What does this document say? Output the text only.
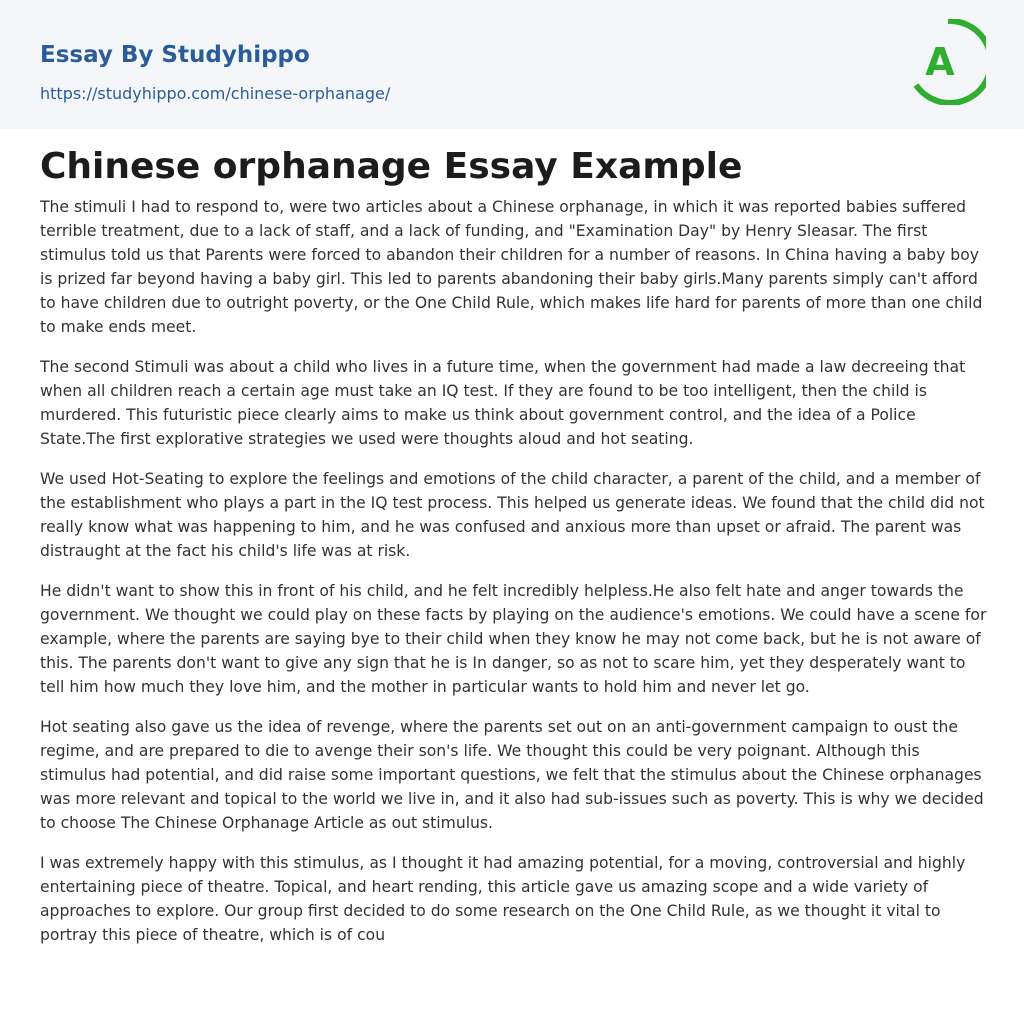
Essay By Studyhippo
https://studyhippo.com/chinese-orphanage/
A
Chinese orphanage Essay Example

The stimuli I had to respond to, were two articles about a Chinese orphanage, in which it was reported babies suffered terrible treatment, due to a lack of staff, and a lack of funding, and "Examination Day" by Henry Sleasar. The first stimulus told us that Parents were forced to abandon their children for a number of reasons. In China having a baby boy is prized far beyond having a baby girl. This led to parents abandoning their baby girls.Many parents simply can't afford to have children due to outright poverty, or the One Child Rule, which makes life hard for parents of more than one child to make ends meet.

The second Stimuli was about a child who lives in a future time, when the government had made a law decreeing that when all children reach a certain age must take an IQ test. If they are found to be too intelligent, then the child is murdered. This futuristic piece clearly aims to make us think about government control, and the idea of a Police State.The first explorative strategies we used were thoughts aloud and hot seating.

We used Hot-Seating to explore the feelings and emotions of the child character, a parent of the child, and a member of the establishment who plays a part in the IQ test process. This helped us generate ideas. We found that the child did not really know what was happening to him, and he was confused and anxious more than upset or afraid. The parent was distraught at the fact his child's life was at risk.

He didn't want to show this in front of his child, and he felt incredibly helpless.He also felt hate and anger towards the government. We thought we could play on these facts by playing on the audience's emotions. We could have a scene for example, where the parents are saying bye to their child when they know he may not come back, but he is not aware of this. The parents don't want to give any sign that he is In danger, so as not to scare him, yet they desperately want to tell him how much they love him, and the mother in particular wants to hold him and never let go.

Hot seating also gave us the idea of revenge, where the parents set out on an anti-government campaign to oust the regime, and are prepared to die to avenge their son's life. We thought this could be very poignant. Although this stimulus had potential, and did raise some important questions, we felt that the stimulus about the Chinese orphanages was more relevant and topical to the world we live in, and it also had sub-issues such as poverty. This is why we decided to choose The Chinese Orphanage Article as out stimulus.

I was extremely happy with this stimulus, as I thought it had amazing potential, for a moving, controversial and highly entertaining piece of theatre. Topical, and heart rending, this article gave us amazing scope and a wide variety of approaches to explore. Our group first decided to do some research on the One Child Rule, as we thought it vital to portray this piece of theatre, which is of cou
